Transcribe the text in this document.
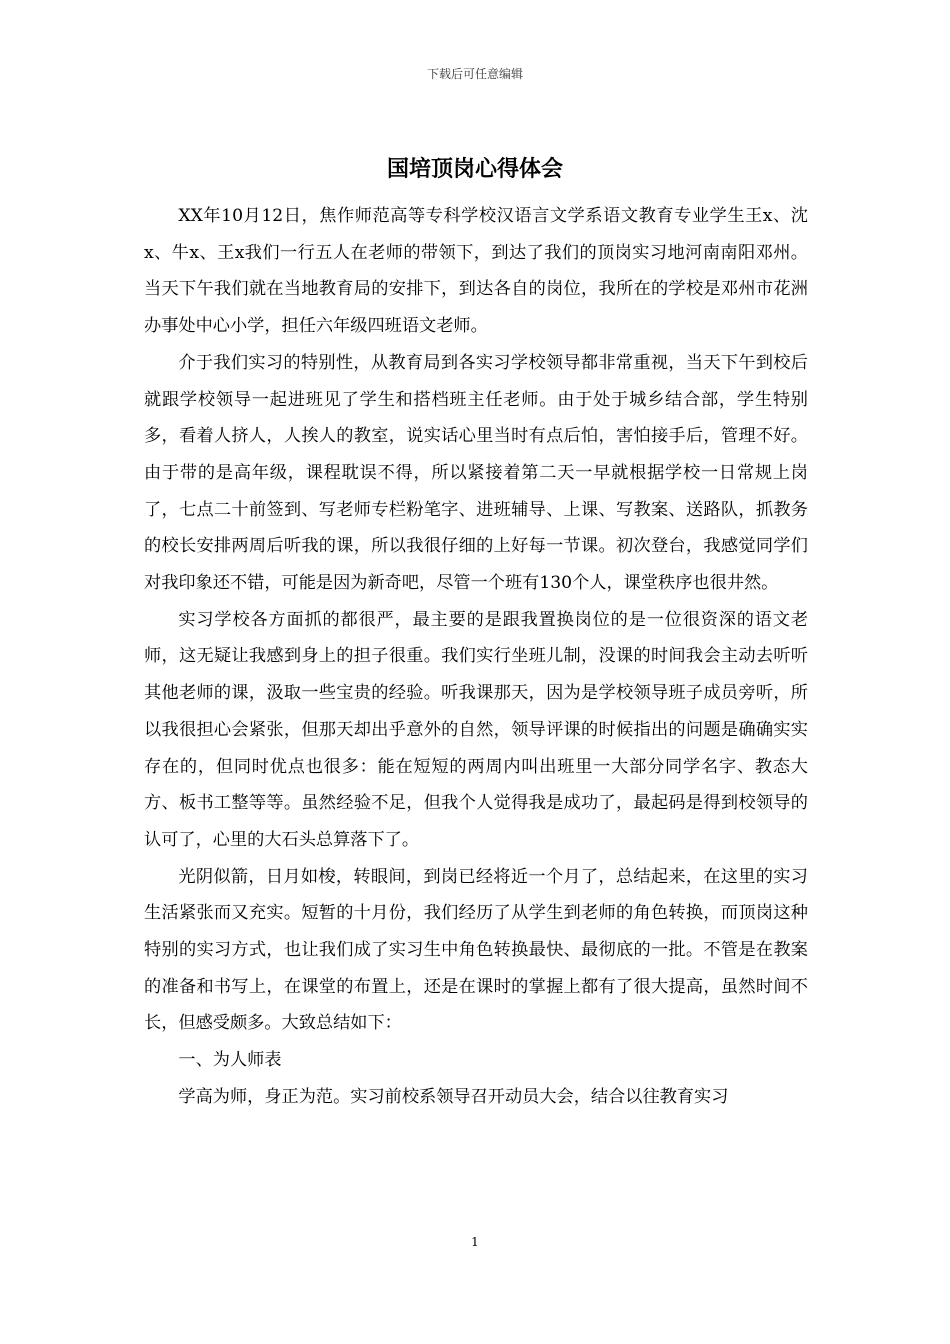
下载后可任意编辑
国培顶岗心得体会

XX年10月12日，焦作师范高等专科学校汉语言文学系语文教育专业学生王x、沈x、牛x、王x我们一行五人在老师的带领下，到达了我们的顶岗实习地河南南阳邓州。当天下午我们就在当地教育局的安排下，到达各自的岗位，我所在的学校是邓州市花洲办事处中心小学，担任六年级四班语文老师。

介于我们实习的特别性，从教育局到各实习学校领导都非常重视，当天下午到校后就跟学校领导一起进班见了学生和搭档班主任老师。由于处于城乡结合部，学生特别多，看着人挤人，人挨人的教室，说实话心里当时有点后怕，害怕接手后，管理不好。由于带的是高年级，课程耽误不得，所以紧接着第二天一早就根据学校一日常规上岗了，七点二十前签到、写老师专栏粉笔字、进班辅导、上课、写教案、送路队，抓教务的校长安排两周后听我的课，所以我很仔细的上好每一节课。初次登台，我感觉同学们对我印象还不错，可能是因为新奇吧，尽管一个班有130个人，课堂秩序也很井然。

实习学校各方面抓的都很严，最主要的是跟我置换岗位的是一位很资深的语文老师，这无疑让我感到身上的担子很重。我们实行坐班儿制，没课的时间我会主动去听听其他老师的课，汲取一些宝贵的经验。听我课那天，因为是学校领导班子成员旁听，所以我很担心会紧张，但那天却出乎意外的自然，领导评课的时候指出的问题是确确实实存在的，但同时优点也很多：能在短短的两周内叫出班里一大部分同学名字、教态大方、板书工整等等。虽然经验不足，但我个人觉得我是成功了，最起码是得到校领导的认可了，心里的大石头总算落下了。

光阴似箭，日月如梭，转眼间，到岗已经将近一个月了，总结起来，在这里的实习生活紧张而又充实。短暂的十月份，我们经历了从学生到老师的角色转换，而顶岗这种特别的实习方式，也让我们成了实习生中角色转换最快、最彻底的一批。不管是在教案的准备和书写上，在课堂的布置上，还是在课时的掌握上都有了很大提高，虽然时间不长，但感受颇多。大致总结如下：

一、为人师表

学高为师，身正为范。实习前校系领导召开动员大会，结合以往教育实习

1
